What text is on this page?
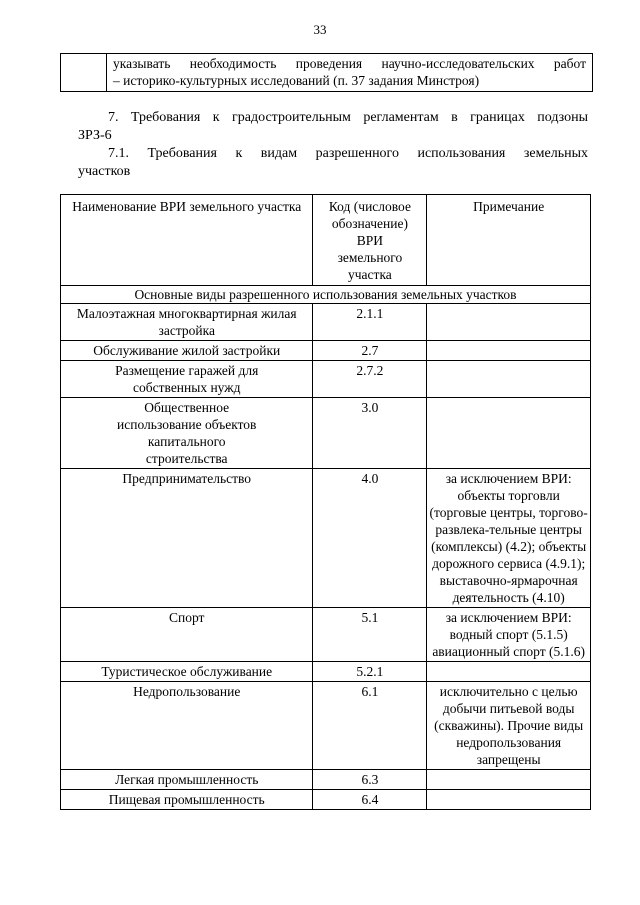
33

указывать необходимость проведения научно-исследовательских работ
– историко-культурных исследований (п. 37 задания Минстроя)
7. Требования к градостроительным регламентам в границах подзоны
ЗРЗ-6
7.1. Требования к видам разрешенного использования земельных
участков
Наименование ВРИ земельного участка	Код (числовое обозначение) ВРИ земельного участка	Примечание
Основные виды разрешенного использования земельных участков		
Малоэтажная многоквартирная жилая застройка	2.1.1	
Обслуживание жилой застройки	2.7	
Размещение гаражей для собственных нужд	2.7.2	
Общественное использование объектов капитального строительства	3.0	
Предпринимательство	4.0	за исключением ВРИ: объекты торговли (торговые центры, торгово-развлека-тельные центры (комплексы) (4.2); объекты дорожного сервиса (4.9.1); выставочно-ярмарочная деятельность (4.10)
Спорт	5.1	за исключением ВРИ: водный спорт (5.1.5) авиационный спорт (5.1.6)
Туристическое обслуживание	5.2.1	
Недропользование	6.1	исключительно с целью добычи питьевой воды (скважины). Прочие виды недропользования запрещены
Легкая промышленность	6.3	
Пищевая промышленность	6.4	
